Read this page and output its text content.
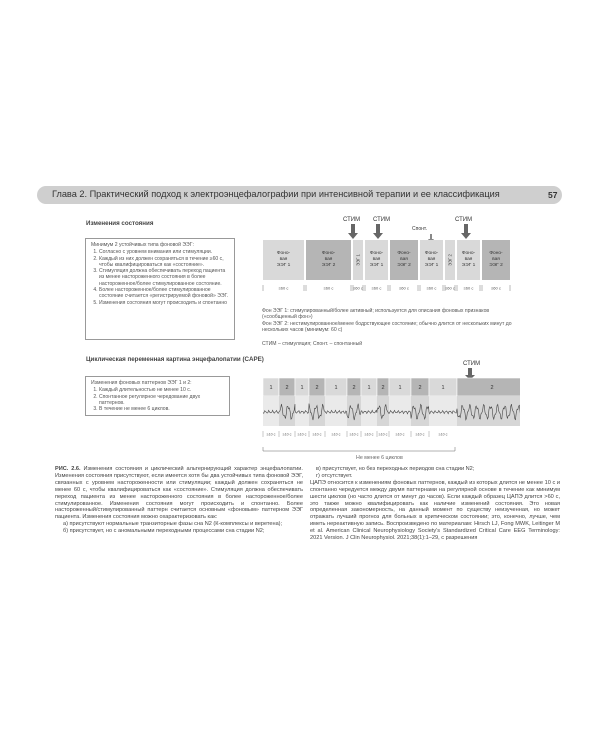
Глава 2. Практический подход к электроэнцефалографии при интенсивной терапии и ее классификация	57
Изменения состояния
Минимум 2 устойчивых типа фоновой ЭЭГ:
1. Согласно с уровнем внимания или стимуляции.
2. Каждый из них должен сохраняться в течение ≥60 с, чтобы квалифицироваться как «состояние».
3. Стимуляция должна обеспечивать переход пациента из менее настороженного состояния в более настороженное/более стимулированное состояние.
4. Более настороженное/более стимулированное состояние считается «регистрируемой фоновой» ЭЭГ.
5. Изменения состояния могут происходить и спонтанно
СТИМ СТИМ
Спонт.
СТИМ
Фоно-
вая
ЭЭГ 1
Фоно-
вая
ЭЭГ 2	ЭЭГ 1
Фоно-
вая
ЭЭГ 1
Фоно-
вая
ЭЭГ 2
Фоно-
вая
ЭЭГ 1 ЭЭГ 2
Фоно-
вая
ЭЭГ 1
Фоно-
вая
ЭЭГ 2
≥60 с	≥60 с	≥60 с ≥60 с	≥60 с	≥60 с ≥60 с ≥60 с	≥60 с
Фон ЭЭГ 1: стимулированный/более активный; используется для описания фоновых признаков («сообщенный фон»)
Фон ЭЭГ 2: нестимулированное/менее бодрствующее состояние; обычно длится от нескольких минут до нескольких часов (минимум: 60 с)
СТИМ – стимуляция; Спонт. – спонтанный
Циклическая переменная картина энцефалопатии (CAPE)
Изменения фоновых паттернов ЭЭГ 1 и 2:
1. Каждый длительностью не менее 10 с.
2. Спонтанное регулярное чередование двух паттернов.
3. В течение не менее 6 циклов.
СТИМ
1 2 1 2	1	2 1 2	1	2	1	2
≥10 с ≥10 с ≥10 с ≥10 с	≥10 с	≥10 с ≥10 с ≥10 с ≥10 с	≥10 с	≥10 с
Не менее 6 циклов
РИС. 2.6. Изменения состояния и циклический альтернирующий характер энцефалопатии. Изменения состояния присутствуют, если имеется хотя бы два устойчивых типа фоновой ЭЭГ, связанных с уровнем настороженности или стимуляции; каждый должен сохраняться не менее 60 с, чтобы квалифицироваться как «состояние». Стимуляция должна обеспечивать переход пациента из менее настороженного состояния в более настороженное/более стимулированное. Изменения состояния могут происходить и спонтанно. Более настороженный/стимулированный паттерн считается основным «фоновым» паттерном ЭЭГ пациента. Изменения состояния можно охарактеризовать как:
а) присутствуют нормальные транзиторные фазы сна N2 (К-комплексы и веретена);
б) присутствует, но с аномальными переходными процессами сна стадии N2;
в) присутствует, но без переходных периодов сна стадии N2;
г) отсутствует.
ЦАПЭ относится к изменениям фоновых паттернов, каждый из которых длится не менее 10 с и спонтанно чередуется между двумя паттернами на регулярной основе в течение как минимум шести циклов (но часто длится от минут до часов). Если каждый образец ЦАПЭ длится >60 с, это также можно квалифицировать как наличие изменений состояния. Это новая определенная закономерность, на данный момент по существу неизученная, но может отражать лучший прогноз для больных в критическом состоянии; это, конечно, лучше, чем иметь нереактивную запись. Воспроизведено по материалам: Hirsch LJ, Fong MWK, Leitinger M et al. American Clinical Neurophysiology Society's Standardized Critical Care EEG Terminology: 2021 Version. J Clin Neurophysiol. 2021;38(1):1–29, с разрешения
